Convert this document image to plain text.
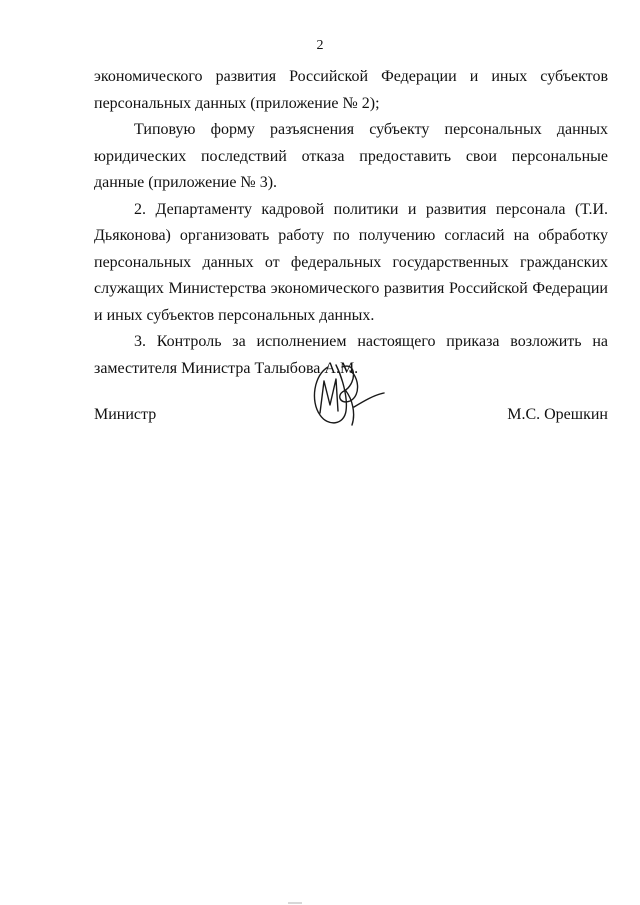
2

экономического развития Российской Федерации и иных субъектов персональных данных (приложение № 2);

Типовую форму разъяснения субъекту персональных данных юридических последствий отказа предоставить свои персональные данные (приложение № 3).

2. Департаменту кадровой политики и развития персонала (Т.И. Дьяконова) организовать работу по получению согласий на обработку персональных данных от федеральных государственных гражданских служащих Министерства экономического развития Российской Федерации и иных субъектов персональных данных.

3. Контроль за исполнением настоящего приказа возложить на заместителя Министра Талыбова А.М.

Министр	М.С. Орешкин
